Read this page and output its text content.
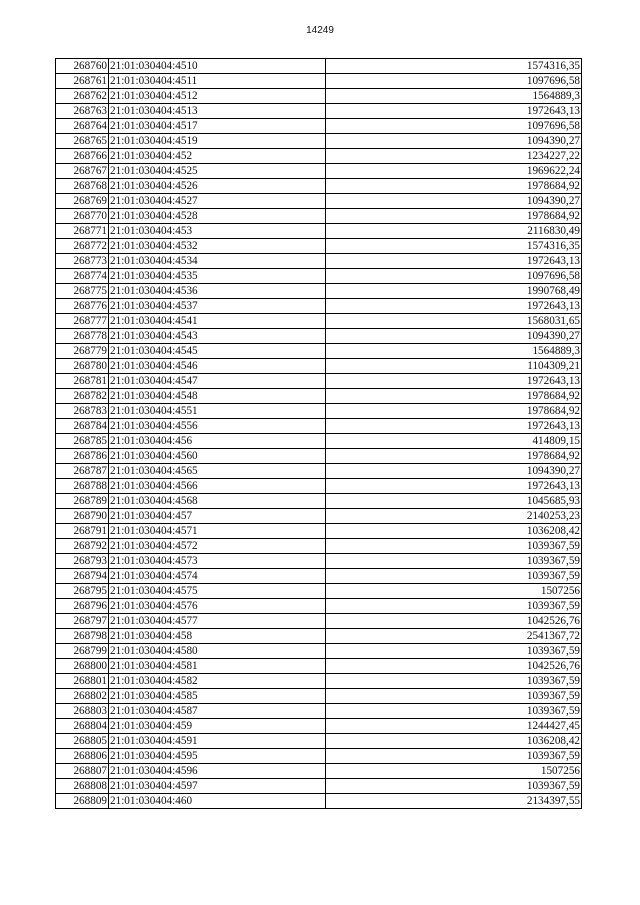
14249
268760	21:01:030404:4510	1574316,35
268761	21:01:030404:4511	1097696,58
268762	21:01:030404:4512	1564889,3
268763	21:01:030404:4513	1972643,13
268764	21:01:030404:4517	1097696,58
268765	21:01:030404:4519	1094390,27
268766	21:01:030404:452	1234227,22
268767	21:01:030404:4525	1969622,24
268768	21:01:030404:4526	1978684,92
268769	21:01:030404:4527	1094390,27
268770	21:01:030404:4528	1978684,92
268771	21:01:030404:453	2116830,49
268772	21:01:030404:4532	1574316,35
268773	21:01:030404:4534	1972643,13
268774	21:01:030404:4535	1097696,58
268775	21:01:030404:4536	1990768,49
268776	21:01:030404:4537	1972643,13
268777	21:01:030404:4541	1568031,65
268778	21:01:030404:4543	1094390,27
268779	21:01:030404:4545	1564889,3
268780	21:01:030404:4546	1104309,21
268781	21:01:030404:4547	1972643,13
268782	21:01:030404:4548	1978684,92
268783	21:01:030404:4551	1978684,92
268784	21:01:030404:4556	1972643,13
268785	21:01:030404:456	414809,15
268786	21:01:030404:4560	1978684,92
268787	21:01:030404:4565	1094390,27
268788	21:01:030404:4566	1972643,13
268789	21:01:030404:4568	1045685,93
268790	21:01:030404:457	2140253,23
268791	21:01:030404:4571	1036208,42
268792	21:01:030404:4572	1039367,59
268793	21:01:030404:4573	1039367,59
268794	21:01:030404:4574	1039367,59
268795	21:01:030404:4575	1507256
268796	21:01:030404:4576	1039367,59
268797	21:01:030404:4577	1042526,76
268798	21:01:030404:458	2541367,72
268799	21:01:030404:4580	1039367,59
268800	21:01:030404:4581	1042526,76
268801	21:01:030404:4582	1039367,59
268802	21:01:030404:4585	1039367,59
268803	21:01:030404:4587	1039367,59
268804	21:01:030404:459	1244427,45
268805	21:01:030404:4591	1036208,42
268806	21:01:030404:4595	1039367,59
268807	21:01:030404:4596	1507256
268808	21:01:030404:4597	1039367,59
268809	21:01:030404:460	2134397,55
